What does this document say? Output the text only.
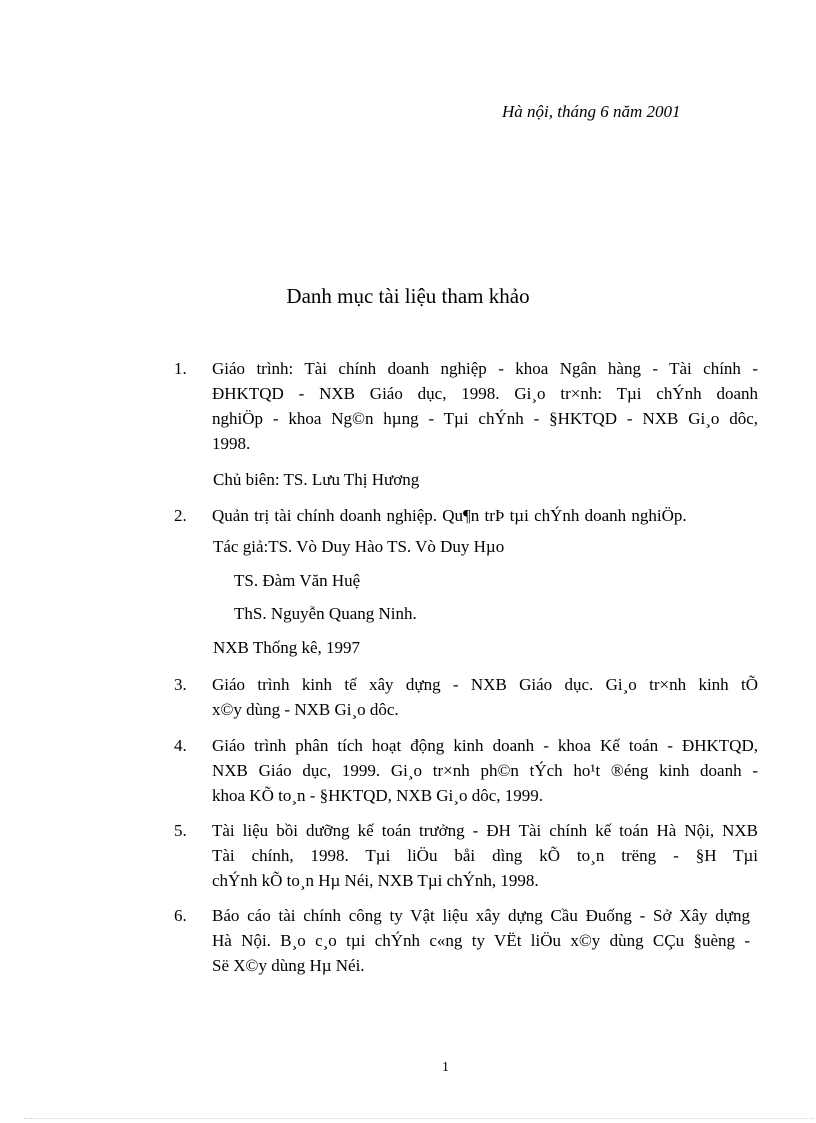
Hà nội, tháng 6 năm 2001
Danh mục tài liệu tham khảo
1. Giáo trình: Tài chính doanh nghiệp - khoa Ngân hàng - Tài chính -
ĐHKTQD - NXB Giáo dục, 1998. Gi¸o tr×nh: Tµi chÝnh doanh
nghiÖp - khoa Ng©n hµng - Tµi chÝnh - §HKTQD - NXB Gi¸o dôc,
1998.
Chủ biên: TS. Lưu Thị Hương
2. Quản trị tài chính doanh nghiệp. Qu¶n trÞ tµi chÝnh doanh nghiÖp.
Tác giả:TS. Vò Duy Hào TS. Vò Duy Hµo
TS. Đàm Văn Huệ
ThS. Nguyễn Quang Ninh.
NXB Thống kê, 1997
3. Giáo trình kinh tế xây dựng - NXB Giáo dục. Gi¸o tr×nh kinh tÕ
x©y dùng - NXB Gi¸o dôc.
4. Giáo trình phân tích hoạt động kinh doanh - khoa Kế toán - ĐHKTQD,
NXB Giáo dục, 1999. Gi¸o tr×nh ph©n tÝch ho¹t ®éng kinh doanh -
khoa KÕ to¸n - §HKTQD, NXB Gi¸o dôc, 1999.
5. Tài liệu bồi dưỡng kế toán trưởng - ĐH Tài chính kế toán Hà Nội, NXB
Tài chính, 1998. Tµi liÖu båi dìng kÕ to¸n trëng - §H Tµi
chÝnh kÕ to¸n Hµ Néi, NXB Tµi chÝnh, 1998.
6. Báo cáo tài chính công ty Vật liệu xây dựng Cầu Đuống - Sở Xây dựng
Hà Nội. B¸o c¸o tµi chÝnh c«ng ty VËt liÖu x©y dùng CÇu §uèng -
Së X©y dùng Hµ Néi.
1
